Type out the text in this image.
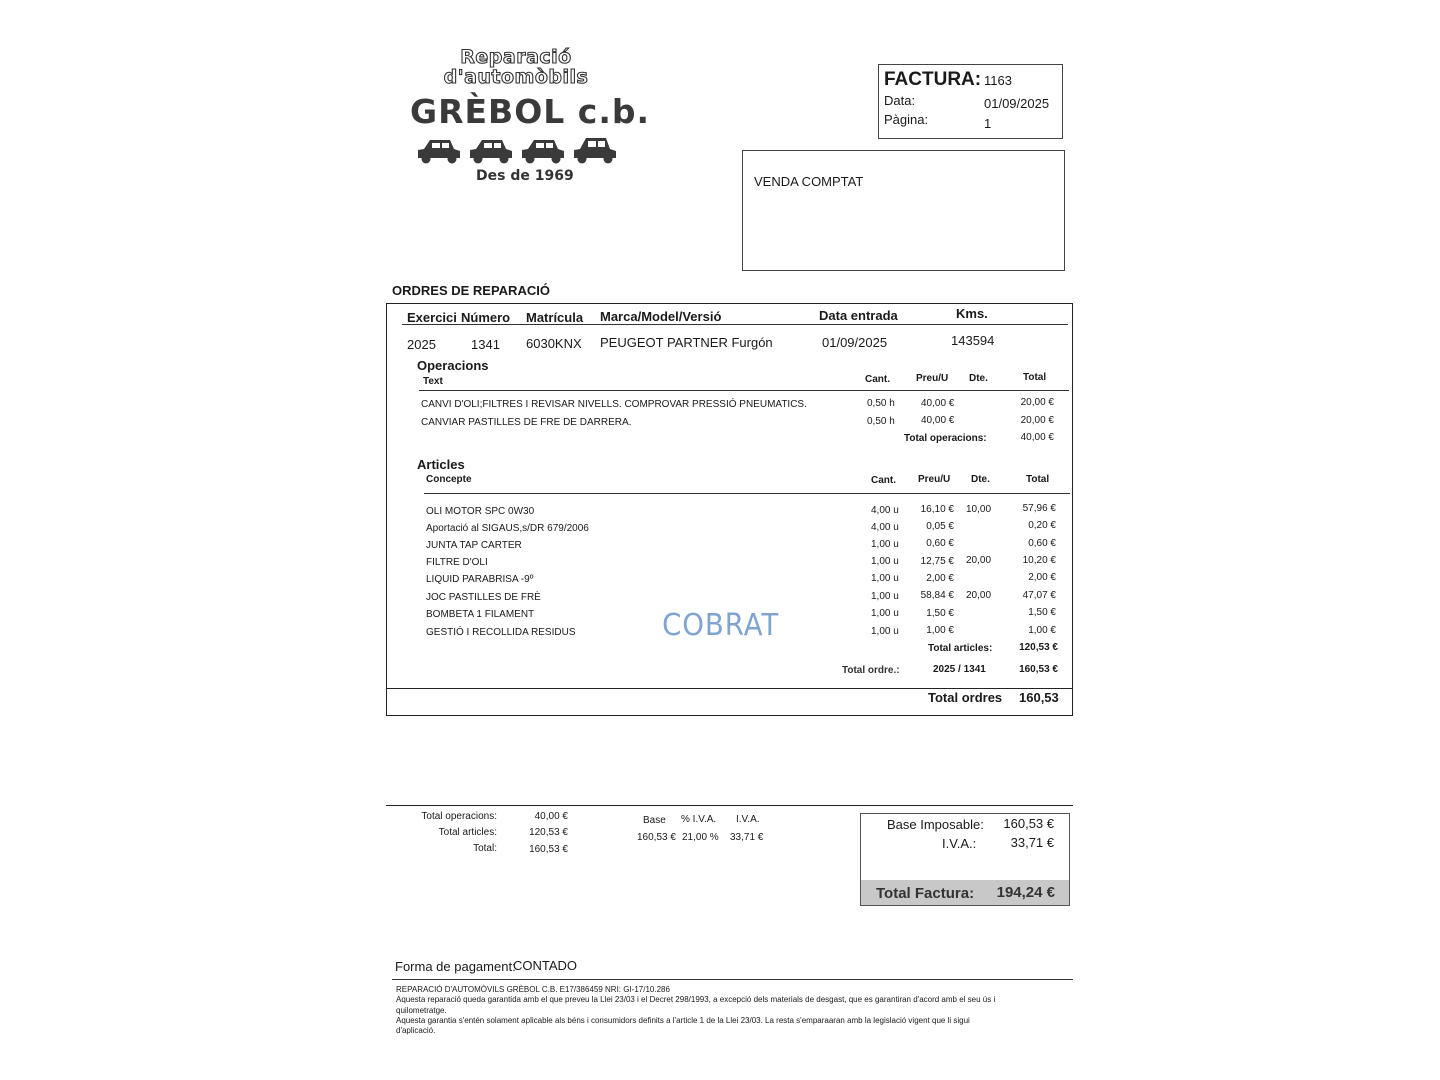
Reparació
d'automòbils
GRÈBOL c.b.
Des de 1969
FACTURA: 1163
Data:	01/09/2025
Pàgina:	1
VENDA COMPTAT
ORDRES DE REPARACIÓ
Exercici Número Matrícula Marca/Model/Versió	Data entrada	Kms.
2025	1341 6030KNX PEUGEOT PARTNER Furgón	01/09/2025	143594
Operacions
Text	Cant.	Preu/U Dte.	Total
CANVI D'OLI;FILTRES I REVISAR NIVELLS. COMPROVAR PRESSIÓ PNEUMATICS.	0,50 h	40,00 €	20,00 €
CANVIAR PASTILLES DE FRE DE DARRERA.	0,50 h	40,00 €	20,00 €
Total operacions:	40,00 €
Articles
Concepte	Cant. Preu/U Dte.	Total
OLI MOTOR SPC 0W30	4,00 u	16,10 € 10,00	57,96 €
Aportació al SIGAUS,s/DR 679/2006	4,00 u	0,05 €	0,20 €
JUNTA TAP CARTER	1,00 u	0,60 €	0,60 €
FILTRE D'OLI	1,00 u	12,75 € 20,00	10,20 €
LIQUID PARABRISA -9º	1,00 u	2,00 €	2,00 €
JOC PASTILLES DE FRÈ	1,00 u	58,84 € 20,00	47,07 €
BOMBETA 1 FILAMENT	1,00 u	1,50 €	1,50 €
GESTIÓ I RECOLLIDA RESIDUS	1,00 u	1,00 €	1,00 €
COBRAT
Total articles:	120,53 €
Total ordre.:	2025 / 1341	160,53 €
Total ordres 160,53
Total operacions:	40,00 €
Total articles:	120,53 €
Total:	160,53 €
Base % I.V.A. I.V.A.
160,53 € 21,00 % 33,71 €
Base Imposable:	160,53 €
I.V.A.:	33,71 €
Total Factura:	194,24 €
Forma de pagament:
CONTADO
REPARACIÓ D'AUTOMÒVILS GRÈBOL C.B. E17/386459 NRI: GI-17/10.286
Aquesta reparació queda garantida amb el que preveu la Llei 23/03 i el Decret 298/1993, a excepció dels materials de desgast, que es garantiran d'acord amb el seu ús i
quilometratge.
Aquesta garantia s'entén solament aplicable als béns i consumidors definits a l'article 1 de la Llei 23/03. La resta s'emparaaran amb la legislació vigent que li sigui
d'aplicació.
